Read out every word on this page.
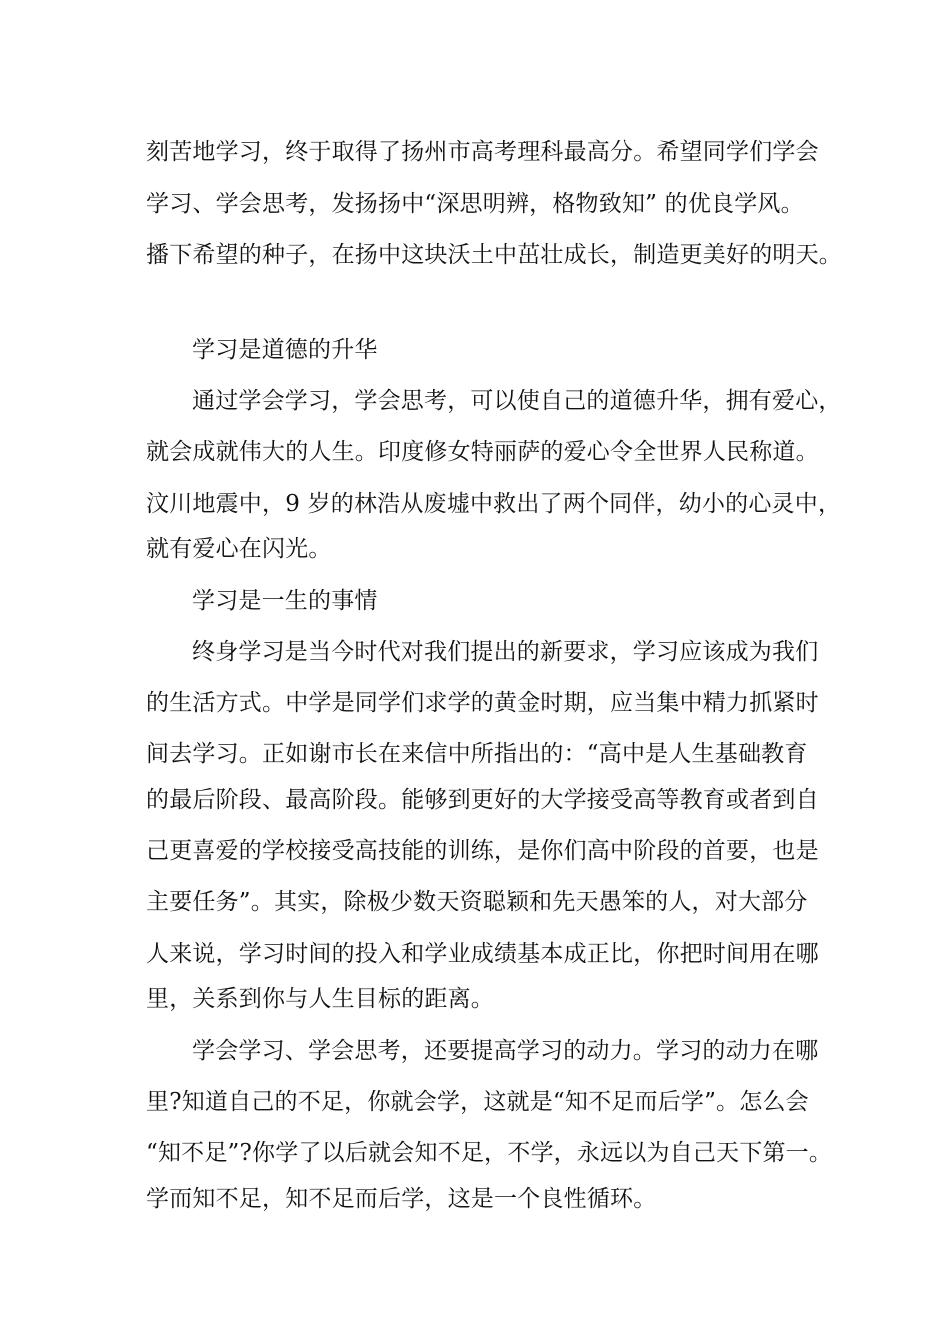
刻苦地学习，终于取得了扬州市高考理科最高分。希望同学们学会
学习、学会思考，发扬扬中“深思明辨，格物致知” 的优良学风。
播下希望的种子，在扬中这块沃土中茁壮成长，制造更美好的明天。
学习是道德的升华
通过学会学习，学会思考，可以使自己的道德升华，拥有爱心，
就会成就伟大的人生。印度修女特丽萨的爱心令全世界人民称道。
汶川地震中，9 岁的林浩从废墟中救出了两个同伴，幼小的心灵中，
就有爱心在闪光。
学习是一生的事情
终身学习是当今时代对我们提出的新要求，学习应该成为我们
的生活方式。中学是同学们求学的黄金时期，应当集中精力抓紧时
间去学习。正如谢市长在来信中所指出的：“高中是人生基础教育
的最后阶段、最高阶段。能够到更好的大学接受高等教育或者到自
己更喜爱的学校接受高技能的训练，是你们高中阶段的首要，也是
主要任务”。其实，除极少数天资聪颖和先天愚笨的人，对大部分
人来说，学习时间的投入和学业成绩基本成正比，你把时间用在哪
里，关系到你与人生目标的距离。
学会学习、学会思考，还要提高学习的动力。学习的动力在哪
里?知道自己的不足，你就会学，这就是“知不足而后学”。怎么会
“知不足”?你学了以后就会知不足，不学，永远以为自己天下第一。
学而知不足，知不足而后学，这是一个良性循环。
